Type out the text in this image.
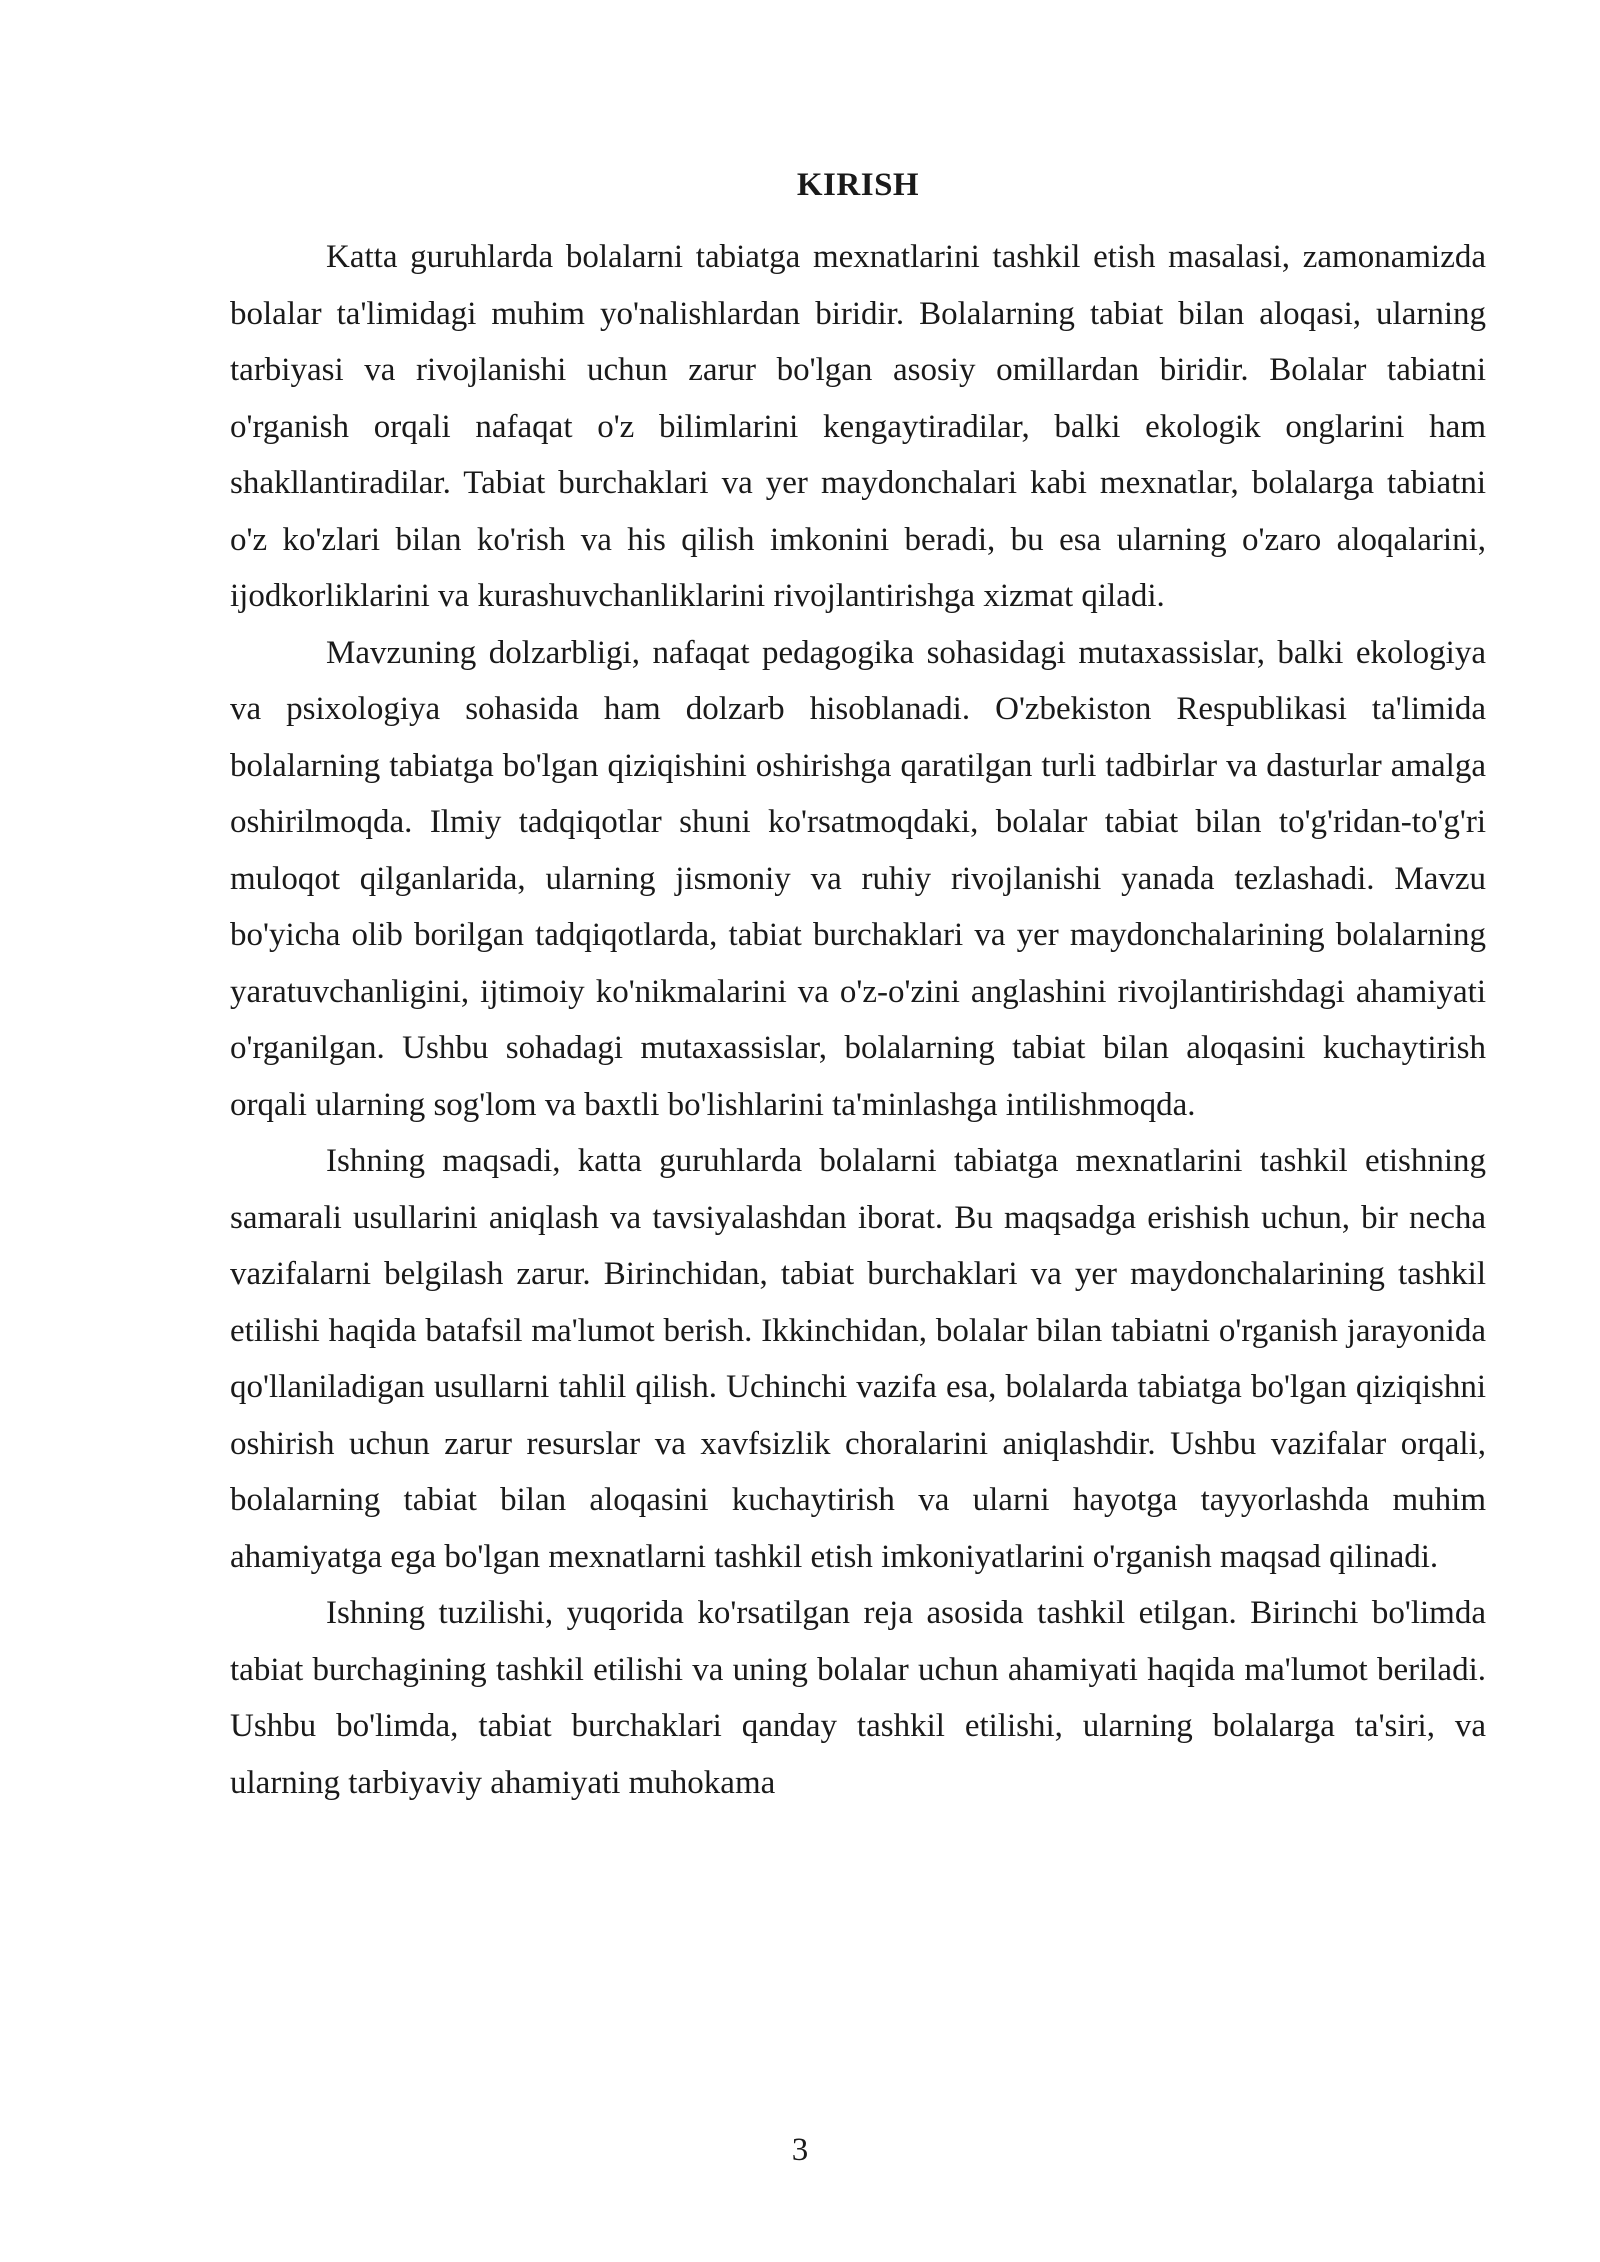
KIRISH

Katta guruhlarda bolalarni tabiatga mexnatlarini tashkil etish masalasi, zamonamizda bolalar ta'limidagi muhim yo'nalishlardan biridir. Bolalarning tabiat bilan aloqasi, ularning tarbiyasi va rivojlanishi uchun zarur bo'lgan asosiy omillardan biridir. Bolalar tabiatni o'rganish orqali nafaqat o'z bilimlarini kengaytiradilar, balki ekologik onglarini ham shakllantiradilar. Tabiat burchaklari va yer maydonchalari kabi mexnatlar, bolalarga tabiatni o'z ko'zlari bilan ko'rish va his qilish imkonini beradi, bu esa ularning o'zaro aloqalarini, ijodkorliklarini va kurashuvchanliklarini rivojlantirishga xizmat qiladi.

Mavzuning dolzarbligi, nafaqat pedagogika sohasidagi mutaxassislar, balki ekologiya va psixologiya sohasida ham dolzarb hisoblanadi. O'zbekiston Respublikasi ta'limida bolalarning tabiatga bo'lgan qiziqishini oshirishga qaratilgan turli tadbirlar va dasturlar amalga oshirilmoqda. Ilmiy tadqiqotlar shuni ko'rsatmoqdaki, bolalar tabiat bilan to'g'ridan-to'g'ri muloqot qilganlarida, ularning jismoniy va ruhiy rivojlanishi yanada tezlashadi. Mavzu bo'yicha olib borilgan tadqiqotlarda, tabiat burchaklari va yer maydonchalarining bolalarning yaratuvchanligini, ijtimoiy ko'nikmalarini va o'z-o'zini anglashini rivojlantirishdagi ahamiyati o'rganilgan. Ushbu sohadagi mutaxassislar, bolalarning tabiat bilan aloqasini kuchaytirish orqali ularning sog'lom va baxtli bo'lishlarini ta'minlashga intilishmoqda.

Ishning maqsadi, katta guruhlarda bolalarni tabiatga mexnatlarini tashkil etishning samarali usullarini aniqlash va tavsiyalashdan iborat. Bu maqsadga erishish uchun, bir necha vazifalarni belgilash zarur. Birinchidan, tabiat burchaklari va yer maydonchalarining tashkil etilishi haqida batafsil ma'lumot berish. Ikkinchidan, bolalar bilan tabiatni o'rganish jarayonida qo'llaniladigan usullarni tahlil qilish. Uchinchi vazifa esa, bolalarda tabiatga bo'lgan qiziqishni oshirish uchun zarur resurslar va xavfsizlik choralarini aniqlashdir. Ushbu vazifalar orqali, bolalarning tabiat bilan aloqasini kuchaytirish va ularni hayotga tayyorlashda muhim ahamiyatga ega bo'lgan mexnatlarni tashkil etish imkoniyatlarini o'rganish maqsad qilinadi.

Ishning tuzilishi, yuqorida ko'rsatilgan reja asosida tashkil etilgan. Birinchi bo'limda tabiat burchagining tashkil etilishi va uning bolalar uchun ahamiyati haqida ma'lumot beriladi. Ushbu bo'limda, tabiat burchaklari qanday tashkil etilishi, ularning bolalarga ta'siri, va ularning tarbiyaviy ahamiyati muhokama

3
